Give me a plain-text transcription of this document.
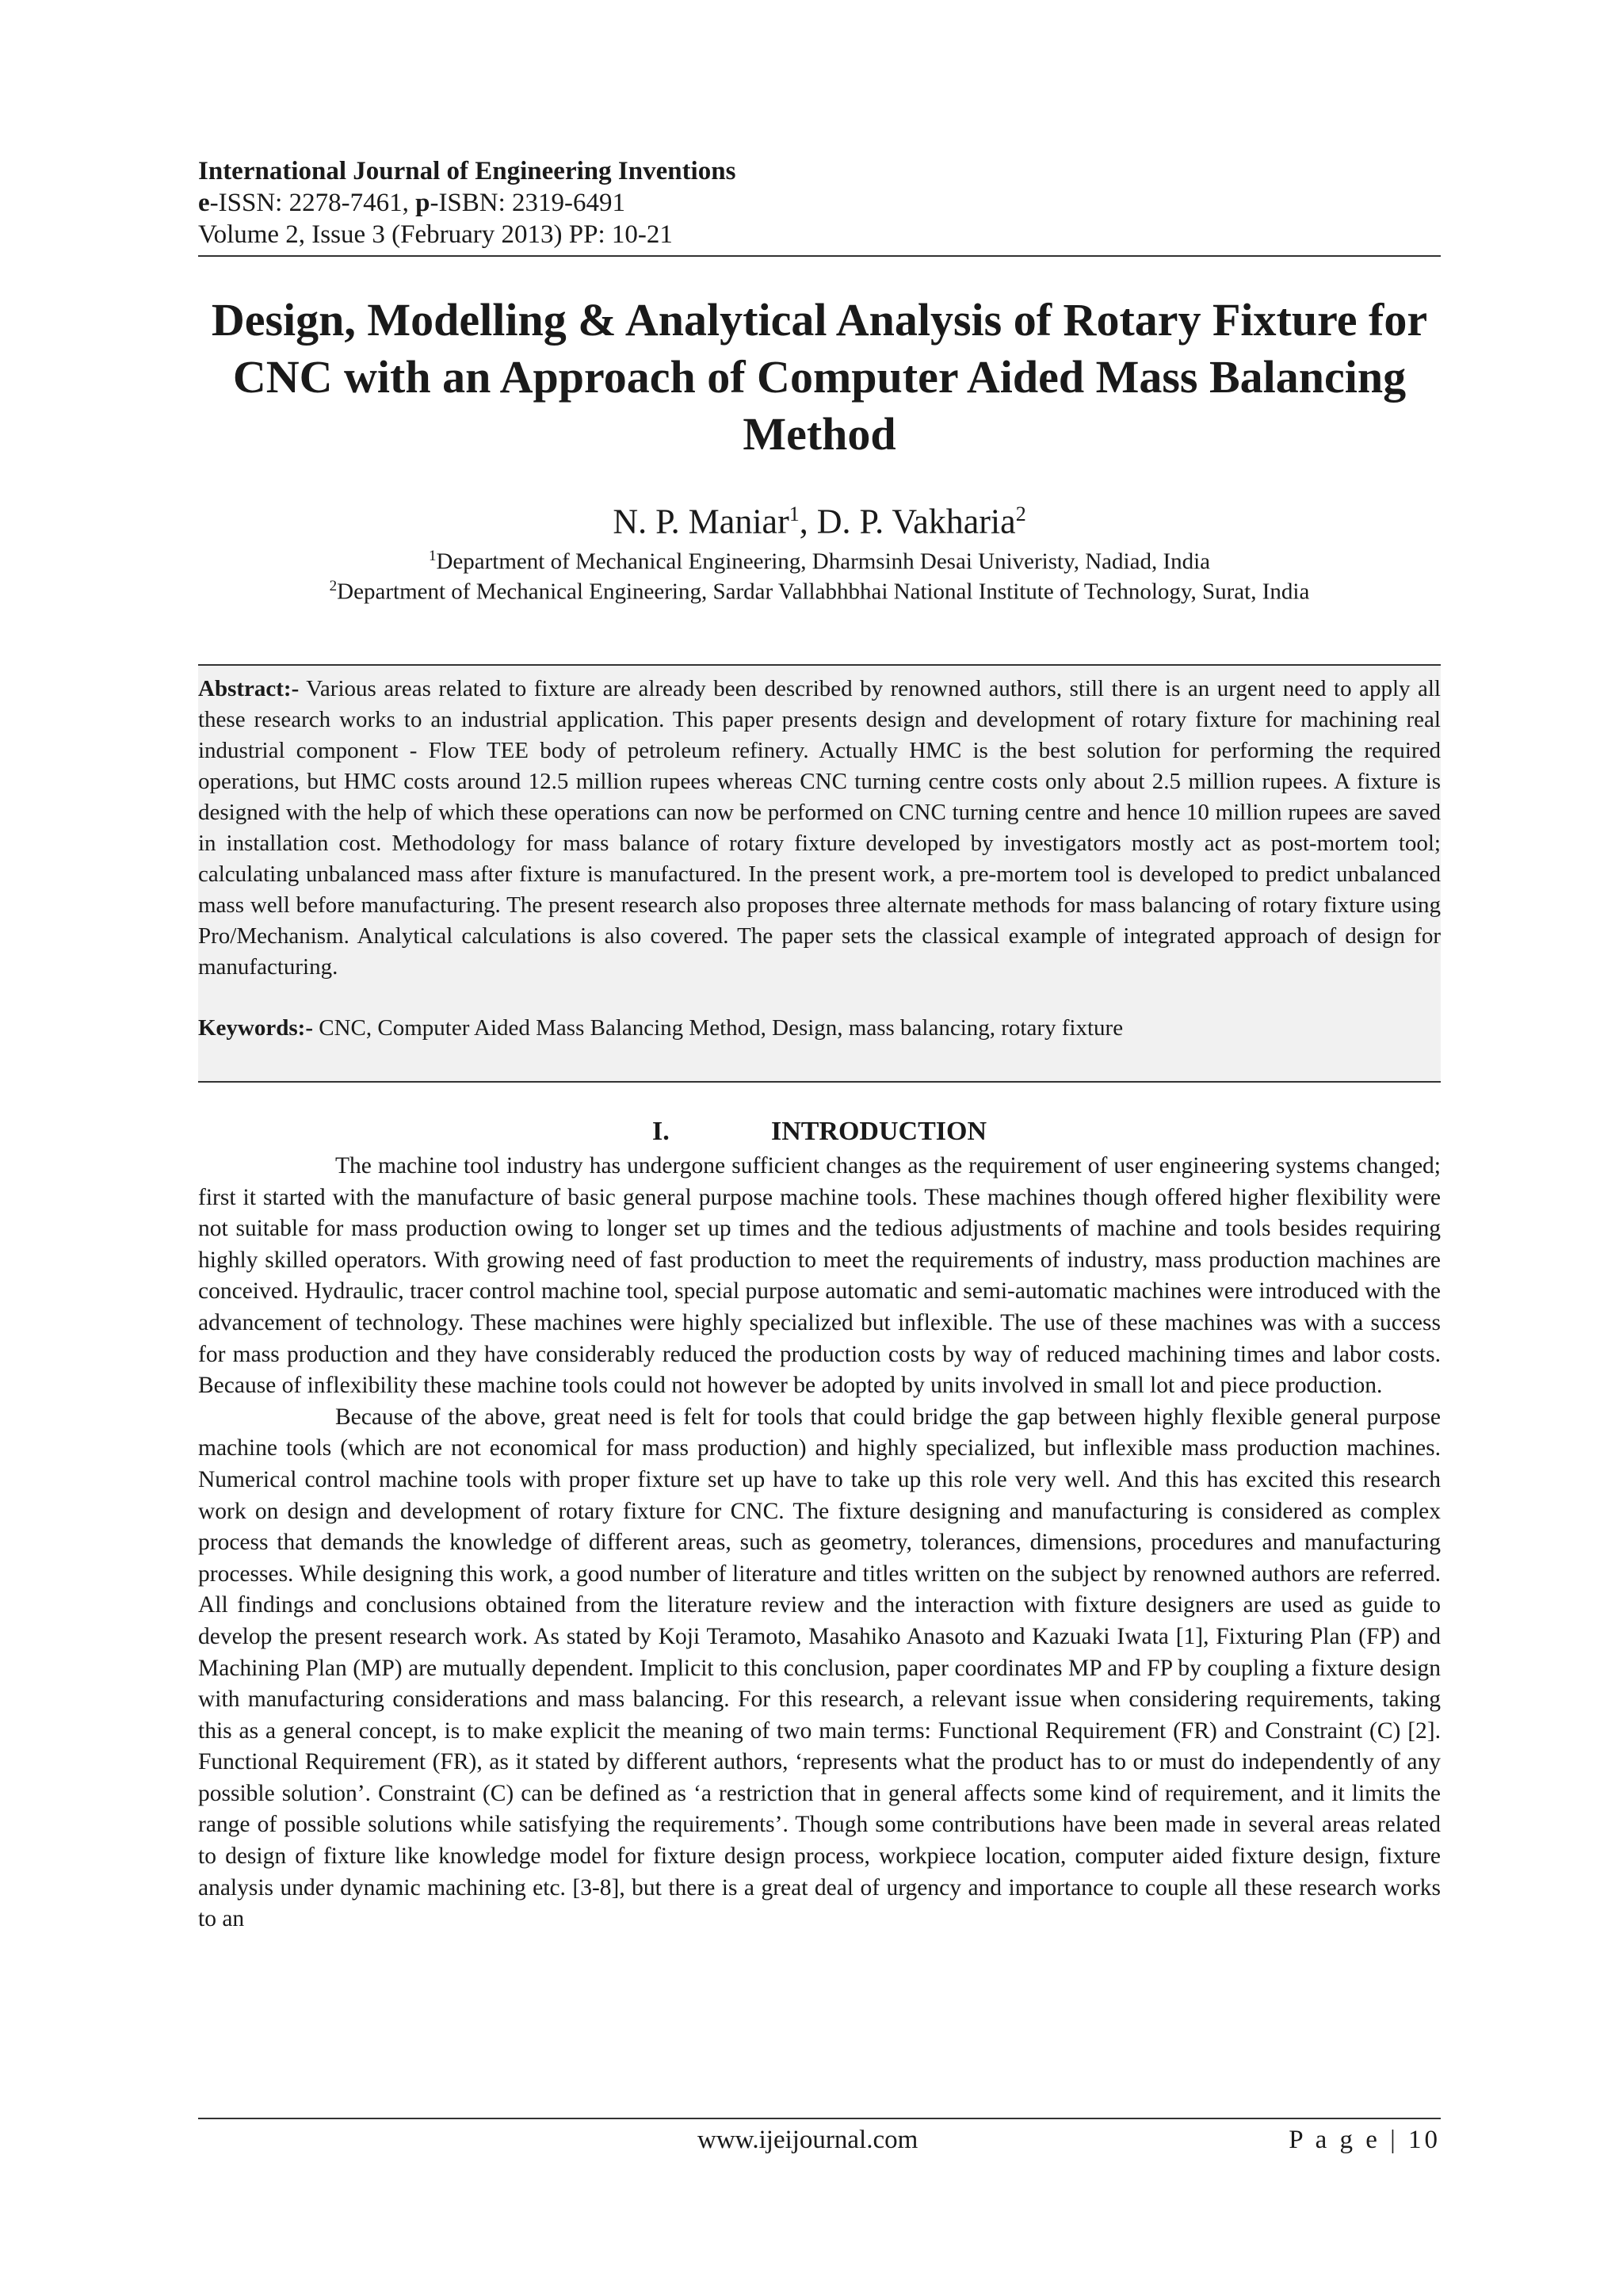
International Journal of Engineering Inventions
e-ISSN: 2278-7461, p-ISBN: 2319-6491
Volume 2, Issue 3 (February 2013) PP: 10-21
Design, Modelling & Analytical Analysis of Rotary Fixture for CNC with an Approach of Computer Aided Mass Balancing Method
N. P. Maniar$^1$, D. P. Vakharia$^2$
$^1$Department of Mechanical Engineering, Dharmsinh Desai Univeristy, Nadiad, India
$^2$Department of Mechanical Engineering, Sardar Vallabhbhai National Institute of Technology, Surat, India

Abstract:- Various areas related to fixture are already been described by renowned authors, still there is an urgent need to apply all these research works to an industrial application. This paper presents design and development of rotary fixture for machining real industrial component - Flow TEE body of petroleum refinery. Actually HMC is the best solution for performing the required operations, but HMC costs around 12.5 million rupees whereas CNC turning centre costs only about 2.5 million rupees. A fixture is designed with the help of which these operations can now be performed on CNC turning centre and hence 10 million rupees are saved in installation cost. Methodology for mass balance of rotary fixture developed by investigators mostly act as post-mortem tool; calculating unbalanced mass after fixture is manufactured. In the present work, a pre-mortem tool is developed to predict unbalanced mass well before manufacturing. The present research also proposes three alternate methods for mass balancing of rotary fixture using Pro/Mechanism. Analytical calculations is also covered. The paper sets the classical example of integrated approach of design for manufacturing.

Keywords:- CNC, Computer Aided Mass Balancing Method, Design, mass balancing, rotary fixture

I.	INTRODUCTION

The machine tool industry has undergone sufficient changes as the requirement of user engineering systems changed; first it started with the manufacture of basic general purpose machine tools. These machines though offered higher flexibility were not suitable for mass production owing to longer set up times and the tedious adjustments of machine and tools besides requiring highly skilled operators. With growing need of fast production to meet the requirements of industry, mass production machines are conceived. Hydraulic, tracer control machine tool, special purpose automatic and semi-automatic machines were introduced with the advancement of technology. These machines were highly specialized but inflexible. The use of these machines was with a success for mass production and they have considerably reduced the production costs by way of reduced machining times and labor costs. Because of inflexibility these machine tools could not however be adopted by units involved in small lot and piece production.

Because of the above, great need is felt for tools that could bridge the gap between highly flexible general purpose machine tools (which are not economical for mass production) and highly specialized, but inflexible mass production machines. Numerical control machine tools with proper fixture set up have to take up this role very well. And this has excited this research work on design and development of rotary fixture for CNC. The fixture designing and manufacturing is considered as complex process that demands the knowledge of different areas, such as geometry, tolerances, dimensions, procedures and manufacturing processes. While designing this work, a good number of literature and titles written on the subject by renowned authors are referred. All findings and conclusions obtained from the literature review and the interaction with fixture designers are used as guide to develop the present research work. As stated by Koji Teramoto, Masahiko Anasoto and Kazuaki Iwata [1], Fixturing Plan (FP) and Machining Plan (MP) are mutually dependent. Implicit to this conclusion, paper coordinates MP and FP by coupling a fixture design with manufacturing considerations and mass balancing. For this research, a relevant issue when considering requirements, taking this as a general concept, is to make explicit the meaning of two main terms: Functional Requirement (FR) and Constraint (C) [2]. Functional Requirement (FR), as it stated by different authors, ‘represents what the product has to or must do independently of any possible solution’. Constraint (C) can be defined as ‘a restriction that in general affects some kind of requirement, and it limits the range of possible solutions while satisfying the requirements’. Though some contributions have been made in several areas related to design of fixture like knowledge model for fixture design process, workpiece location, computer aided fixture design, fixture analysis under dynamic machining etc. [3-8], but there is a great deal of urgency and importance to couple all these research works to an

www.ijeijournal.com	P a g e | 10
